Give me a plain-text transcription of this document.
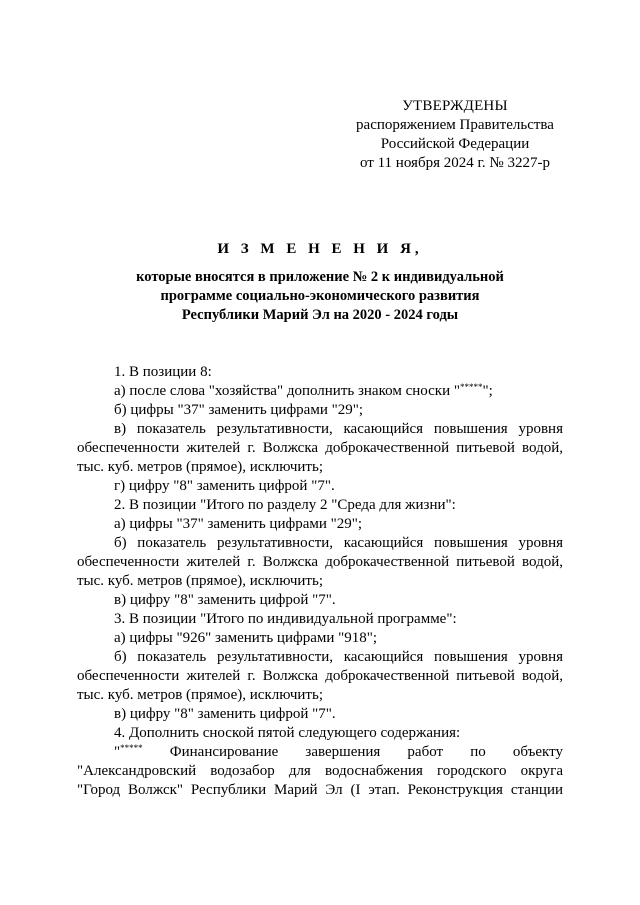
УТВЕРЖДЕНЫ
распоряжением Правительства
Российской Федерации
от 11 ноября 2024 г. № 3227-р
И З М Е Н Е Н И Я,
которые вносятся в приложение № 2 к индивидуальной
программе социально-экономического развития
Республики Марий Эл на 2020 - 2024 годы
1. В позиции 8:
а) после слова "хозяйства" дополнить знаком сноски "*****";
б) цифры "37" заменить цифрами "29";
в) показатель результативности, касающийся повышения уровня
обеспеченности жителей г. Волжска доброкачественной питьевой водой,
тыс. куб. метров (прямое), исключить;
г) цифру "8" заменить цифрой "7".
2. В позиции "Итого по разделу 2 "Среда для жизни":
а) цифры "37" заменить цифрами "29";
б) показатель результативности, касающийся повышения уровня
обеспеченности жителей г. Волжска доброкачественной питьевой водой,
тыс. куб. метров (прямое), исключить;
в) цифру "8" заменить цифрой "7".
3. В позиции "Итого по индивидуальной программе":
а) цифры "926" заменить цифрами "918";
б) показатель результативности, касающийся повышения уровня
обеспеченности жителей г. Волжска доброкачественной питьевой водой,
тыс. куб. метров (прямое), исключить;
в) цифру "8" заменить цифрой "7".
4. Дополнить сноской пятой следующего содержания:
"***** Финансирование завершения работ по объекту
"Александровский водозабор для водоснабжения городского округа
"Город Волжск" Республики Марий Эл (I этап. Реконструкция станции
